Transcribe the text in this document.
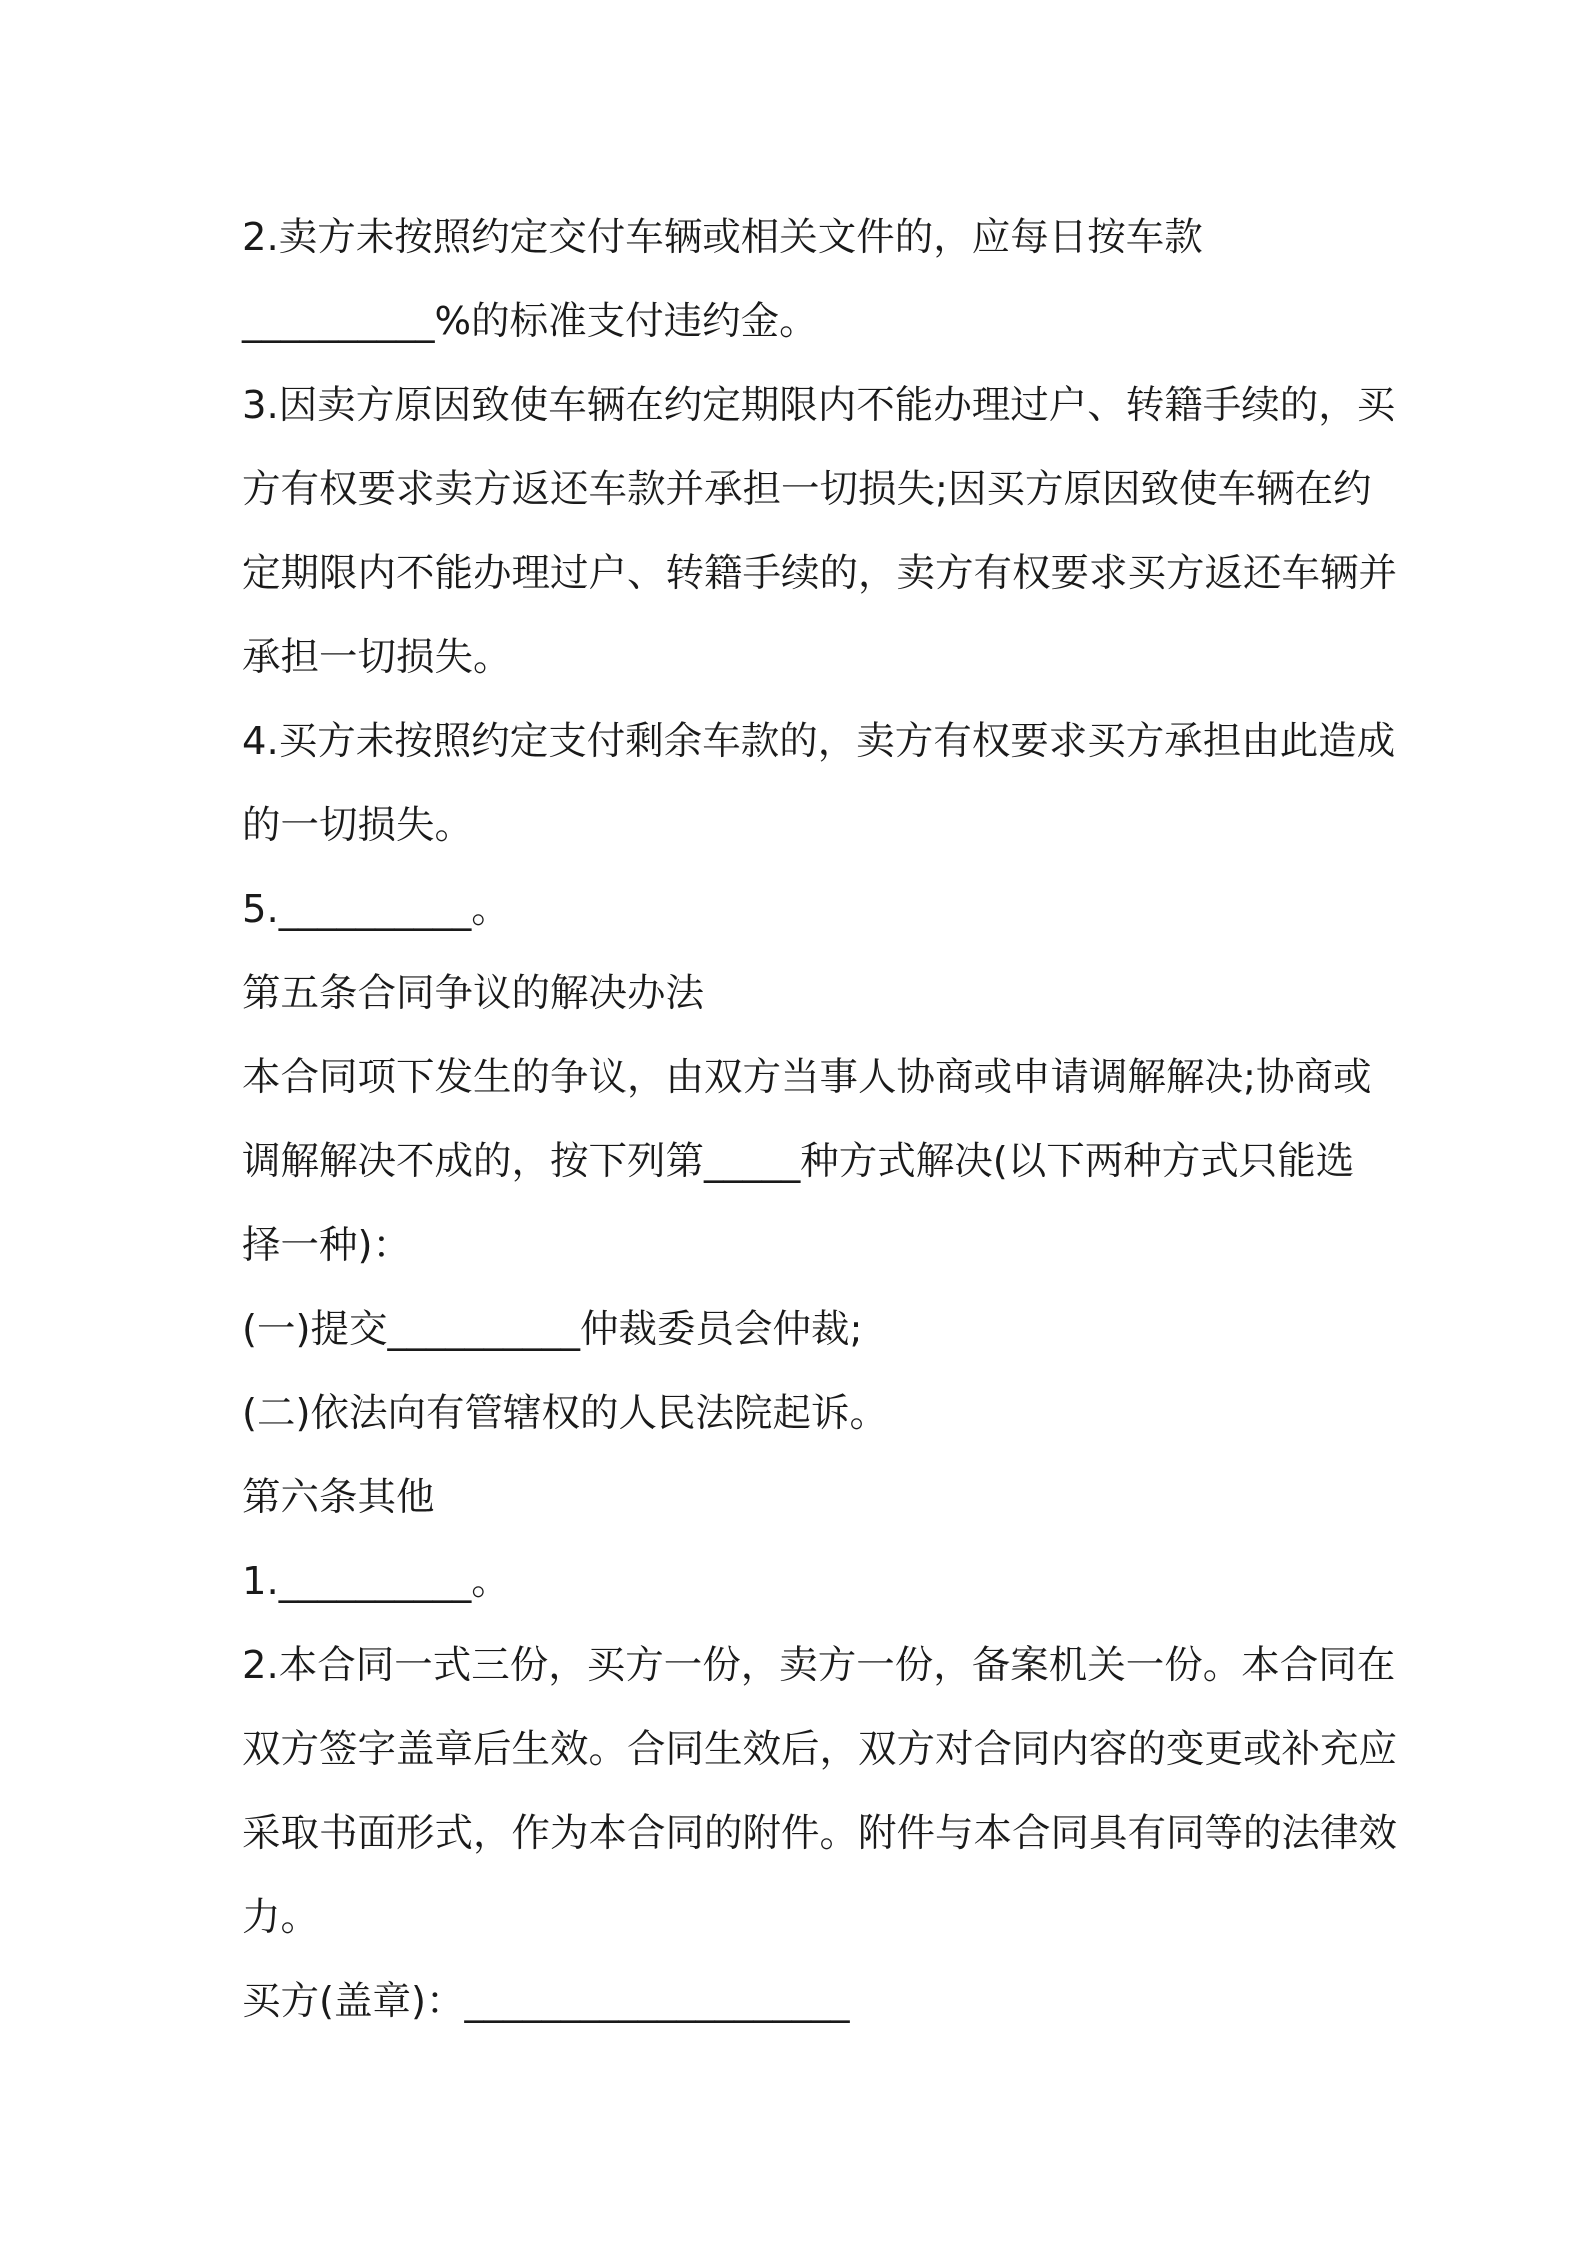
2.卖方未按照约定交付车辆或相关文件的，应每日按车款
__________%的标准支付违约金。
3.因卖方原因致使车辆在约定期限内不能办理过户、转籍手续的，买
方有权要求卖方返还车款并承担一切损失;因买方原因致使车辆在约
定期限内不能办理过户、转籍手续的，卖方有权要求买方返还车辆并
承担一切损失。
4.买方未按照约定支付剩余车款的，卖方有权要求买方承担由此造成
的一切损失。
5.__________。
第五条合同争议的解决办法
本合同项下发生的争议，由双方当事人协商或申请调解解决;协商或
调解解决不成的，按下列第_____种方式解决(以下两种方式只能选
择一种)：
(一)提交__________仲裁委员会仲裁;
(二)依法向有管辖权的人民法院起诉。
第六条其他
1.__________。
2.本合同一式三份，买方一份，卖方一份，备案机关一份。本合同在
双方签字盖章后生效。合同生效后，双方对合同内容的变更或补充应
采取书面形式，作为本合同的附件。附件与本合同具有同等的法律效
力。
买方(盖章)：____________________
